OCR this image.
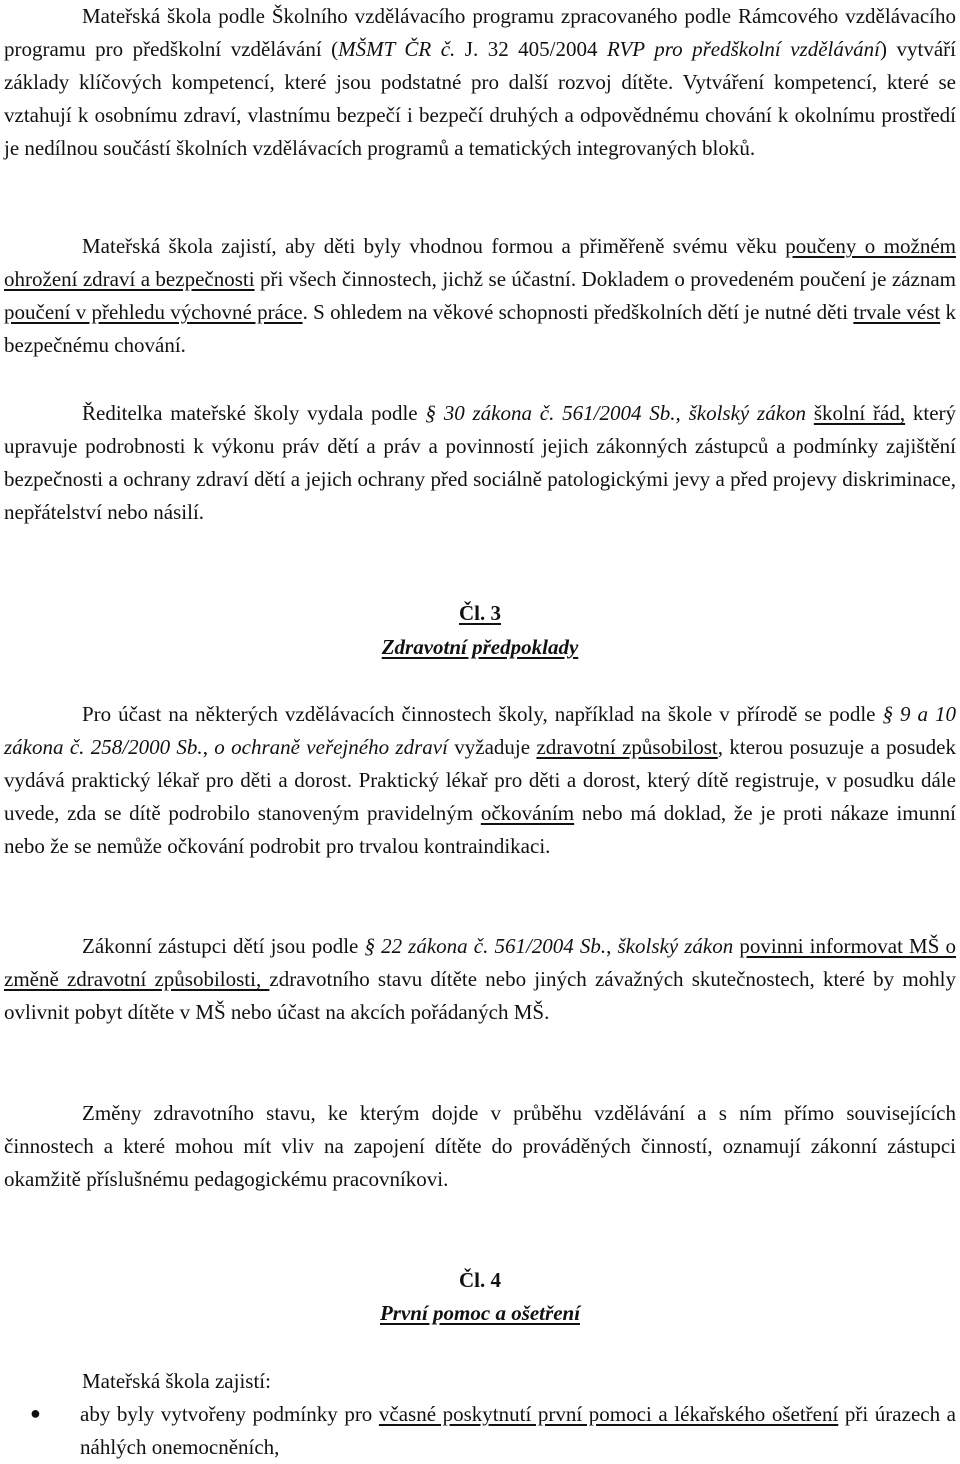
Mateřská škola podle Školního vzdělávacího programu zpracovaného podle Rámcového vzdělávacího programu pro předškolní vzdělávání (MŠMT ČR č. J. 32 405/2004 RVP pro předškolní vzdělávání) vytváří základy klíčových kompetencí, které jsou podstatné pro další rozvoj dítěte. Vytváření kompetencí, které se vztahují k osobnímu zdraví, vlastnímu bezpečí i bezpečí druhých a odpovědnému chování k okolnímu prostředí je nedílnou součástí školních vzdělávacích programů a tematických integrovaných bloků.

Mateřská škola zajistí, aby děti byly vhodnou formou a přiměřeně svému věku poučeny o možném ohrožení zdraví a bezpečnosti při všech činnostech, jichž se účastní. Dokladem o provedeném poučení je záznam poučení v přehledu výchovné práce. S ohledem na věkové schopnosti předškolních dětí je nutné děti trvale vést k bezpečnému chování.

Ředitelka mateřské školy vydala podle § 30 zákona č. 561/2004 Sb., školský zákon školní řád, který upravuje podrobnosti k výkonu práv dětí a práv a povinností jejich zákonných zástupců a podmínky zajištění bezpečnosti a ochrany zdraví dětí a jejich ochrany před sociálně patologickými jevy a před projevy diskriminace, nepřátelství nebo násilí.

Čl. 3

Zdravotní předpoklady

Pro účast na některých vzdělávacích činnostech školy, například na škole v přírodě se podle § 9 a 10 zákona č. 258/2000 Sb., o ochraně veřejného zdraví vyžaduje zdravotní způsobilost, kterou posuzuje a posudek vydává praktický lékař pro děti a dorost. Praktický lékař pro děti a dorost, který dítě registruje, v posudku dále uvede, zda se dítě podrobilo stanoveným pravidelným očkováním nebo má doklad, že je proti nákaze imunní nebo že se nemůže očkování podrobit pro trvalou kontraindikaci.

Zákonní zástupci dětí jsou podle § 22 zákona č. 561/2004 Sb., školský zákon povinni informovat MŠ o změně zdravotní způsobilosti, zdravotního stavu dítěte nebo jiných závažných skutečnostech, které by mohly ovlivnit pobyt dítěte v MŠ nebo účast na akcích pořádaných MŠ.

Změny zdravotního stavu, ke kterým dojde v průběhu vzdělávání a s ním přímo souvisejících činnostech a které mohou mít vliv na zapojení dítěte do prováděných činností, oznamují zákonní zástupci okamžitě příslušnému pedagogickému pracovníkovi.

Čl. 4

První pomoc a ošetření

Mateřská škola zajistí:

● aby byly vytvořeny podmínky pro včasné poskytnutí první pomoci a lékařského ošetření při úrazech a náhlých onemocněních,
